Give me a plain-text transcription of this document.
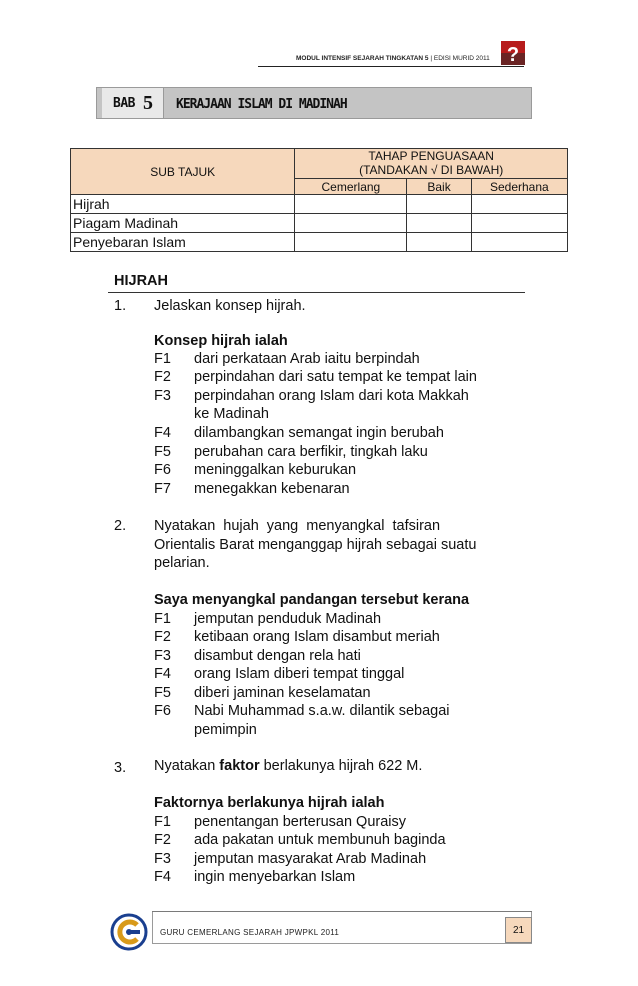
MODUL INTENSIF SEJARAH TINGKATAN 5 | EDISI MURID 2011 ?
BAB 5 KERAJAAN ISLAM DI MADINAH
SUB TAJUK	TAHAP PENGUASAAN		
	(TANDAKAN √ DI BAWAH)		
	Cemerlang	Baik	Sederhana
Hijrah			
Piagam Madinah			
Penyebaran Islam			
HIJRAH
1. Jelaskan konsep hijrah.
Konsep hijrah ialah
F1 dari perkataan Arab iaitu berpindah
F2 perpindahan dari satu tempat ke tempat lain
F3 perpindahan orang Islam dari kota Makkah
ke Madinah
F4 dilambangkan semangat ingin berubah
F5 perubahan cara berfikir, tingkah laku
F6 meninggalkan keburukan
F7 menegakkan kebenaran
2. Nyatakan hujah yang menyangkal tafsiran
Orientalis Barat menganggap hijrah sebagai suatu
pelarian.
Saya menyangkal pandangan tersebut kerana
F1 jemputan penduduk Madinah
F2 ketibaan orang Islam disambut meriah
F3 disambut dengan rela hati
F4 orang Islam diberi tempat tinggal
F5 diberi jaminan keselamatan
F6 Nabi Muhammad s.a.w. dilantik sebagai
pemimpin
3. Nyatakan faktor berlakunya hijrah 622 M.
Faktornya berlakunya hijrah ialah
F1 penentangan berterusan Quraisy
F2 ada pakatan untuk membunuh baginda
F3 jemputan masyarakat Arab Madinah
F4 ingin menyebarkan Islam
GURU CEMERLANG SEJARAH JPWPKL 2011	21
